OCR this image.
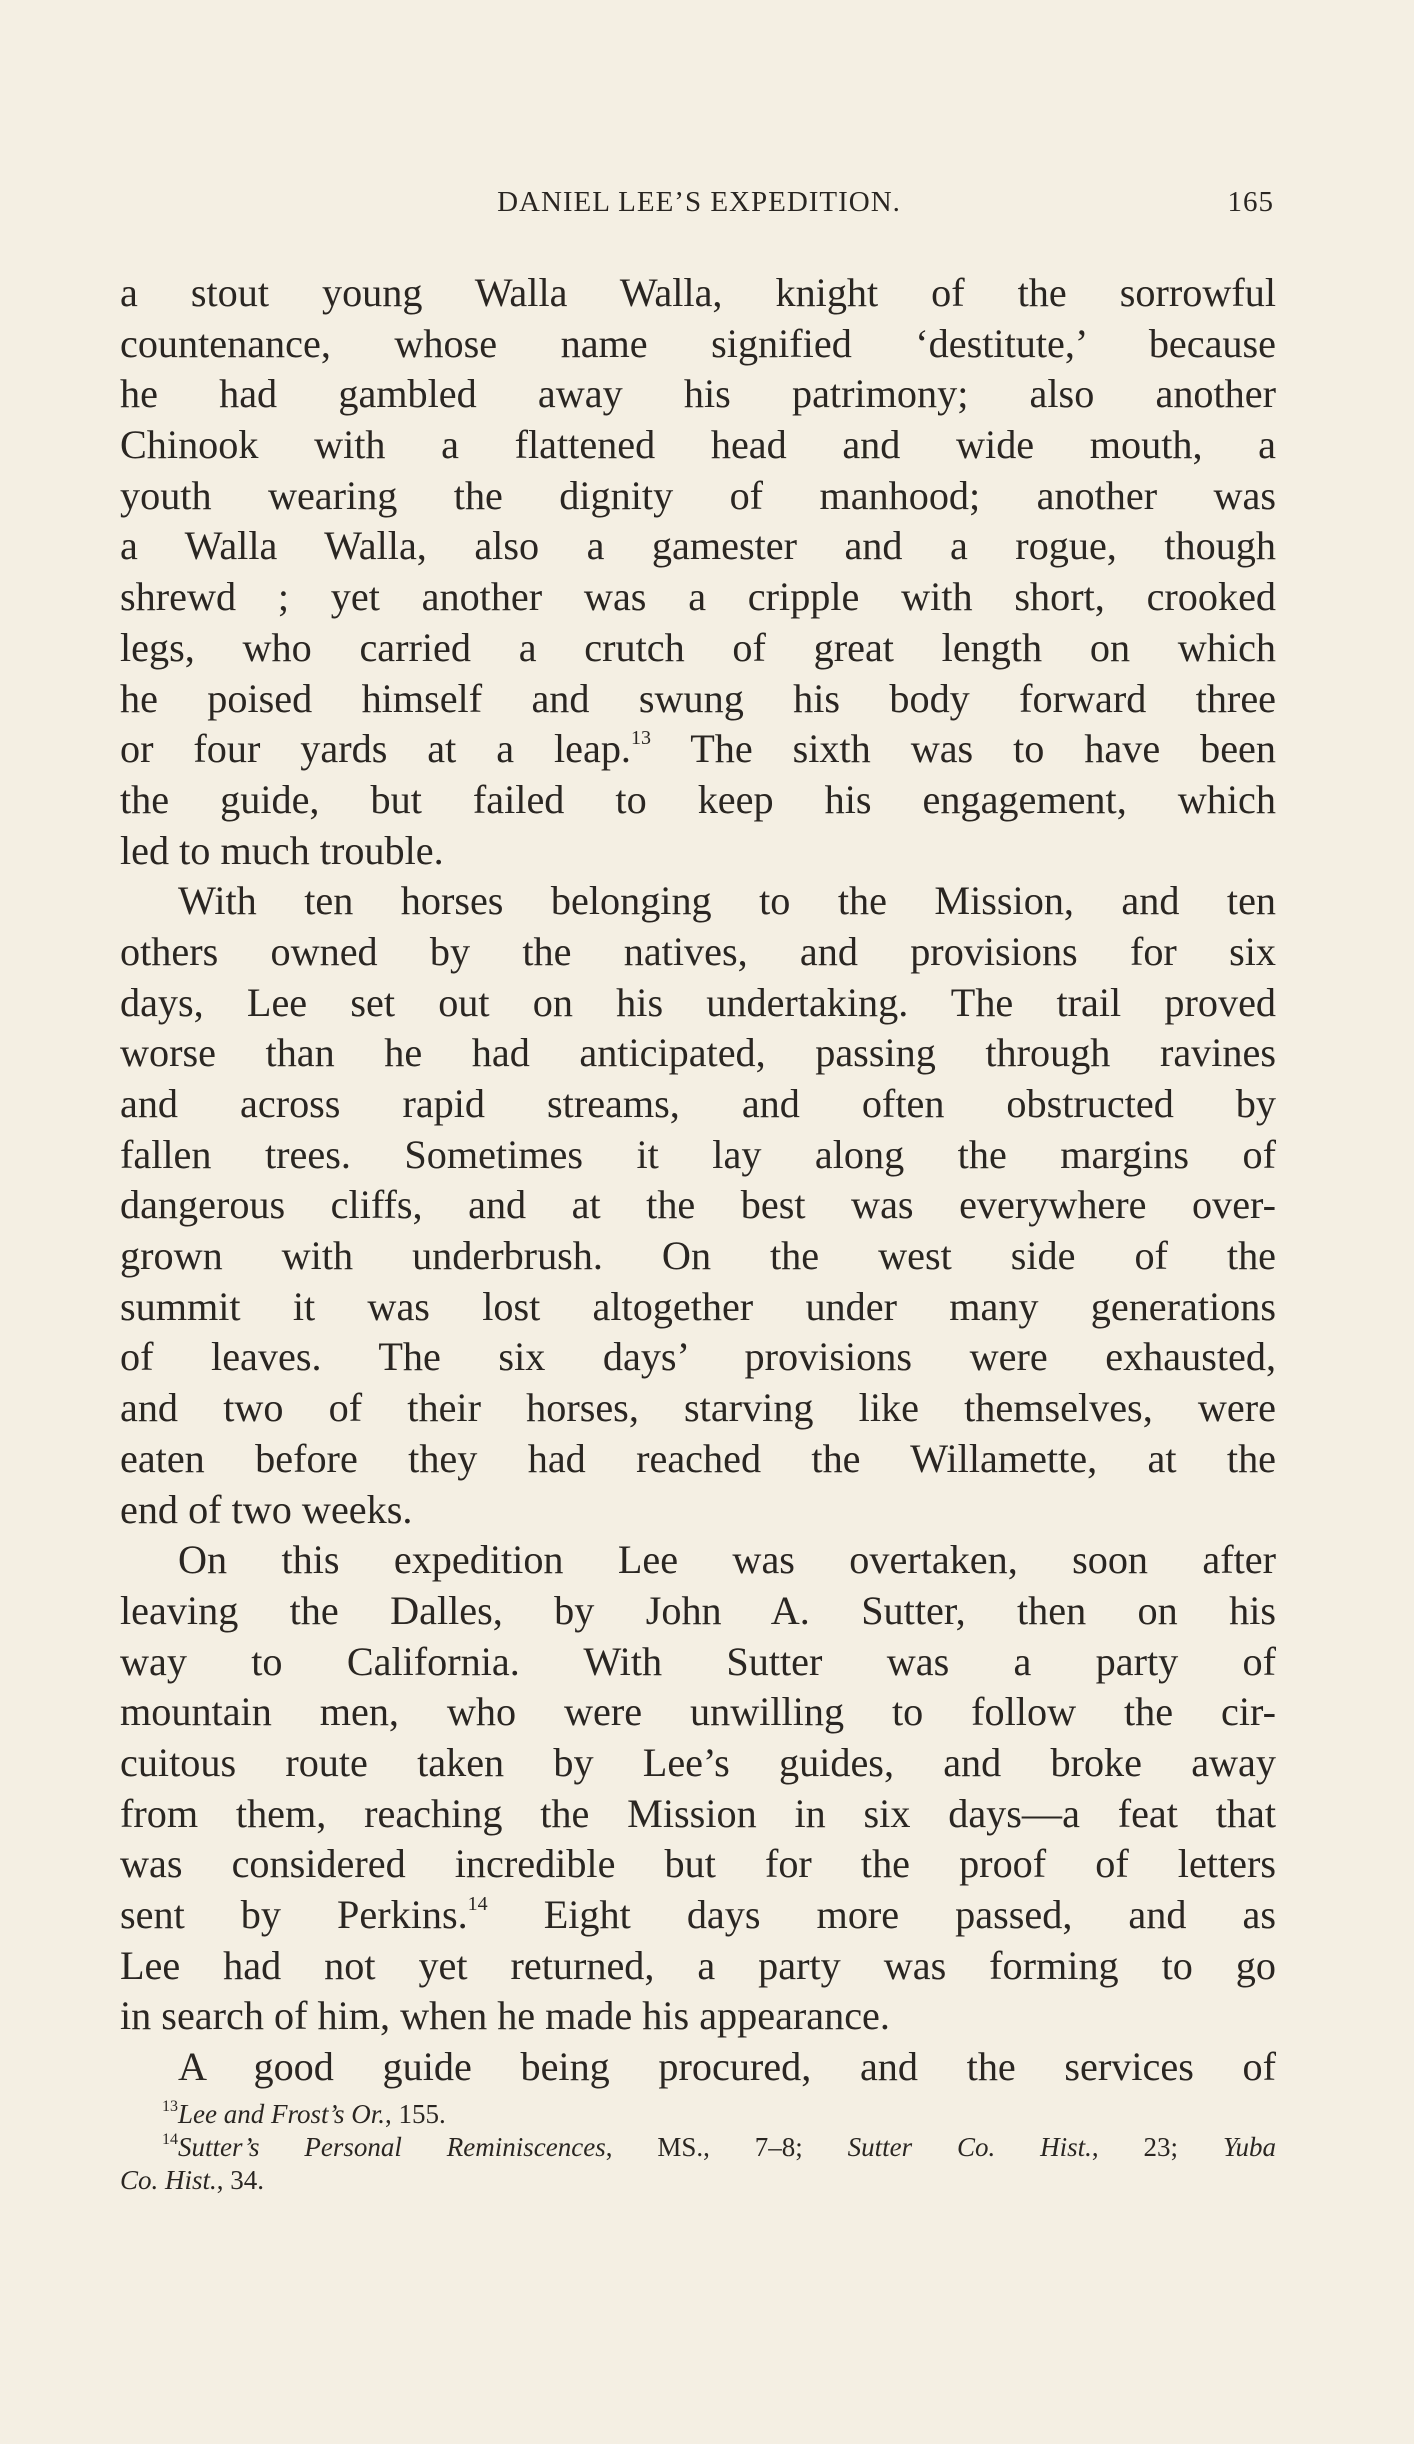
DANIEL LEE’S EXPEDITION.	165
a stout young Walla Walla, knight of the sorrowful
countenance, whose name signified ‘destitute,’ because
he had gambled away his patrimony; also another
Chinook with a flattened head and wide mouth, a
youth wearing the dignity of manhood; another was
a Walla Walla, also a gamester and a rogue, though
shrewd ; yet another was a cripple with short, crooked
legs, who carried a crutch of great length on which
he poised himself and swung his body forward three
or four yards at a leap.$^{13}$ The sixth was to have been
the guide, but failed to keep his engagement, which
led to much trouble.
With ten horses belonging to the Mission, and ten
others owned by the natives, and provisions for six
days, Lee set out on his undertaking. The trail proved
worse than he had anticipated, passing through ravines
and across rapid streams, and often obstructed by
fallen trees. Sometimes it lay along the margins of
dangerous cliffs, and at the best was everywhere over-
grown with underbrush. On the west side of the
summit it was lost altogether under many generations
of leaves. The six days’ provisions were exhausted,
and two of their horses, starving like themselves, were
eaten before they had reached the Willamette, at the
end of two weeks.
On this expedition Lee was overtaken, soon after
leaving the Dalles, by John A. Sutter, then on his
way to California. With Sutter was a party of
mountain men, who were unwilling to follow the cir-
cuitous route taken by Lee’s guides, and broke away
from them, reaching the Mission in six days—a feat that
was considered incredible but for the proof of letters
sent by Perkins.$^{14}$ Eight days more passed, and as
Lee had not yet returned, a party was forming to go
in search of him, when he made his appearance.
A good guide being procured, and the services of
$^{13}$Lee and Frost’s Or., 155.
$^{14}$Sutter’s Personal Reminiscences, MS., 7–8; Sutter Co. Hist., 23; Yuba
Co. Hist., 34.
